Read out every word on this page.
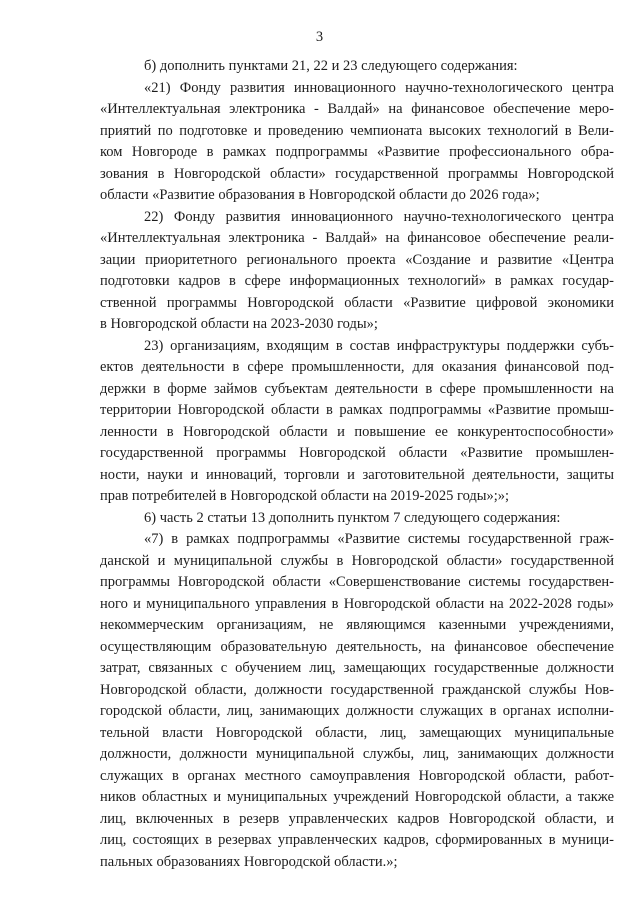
3
б) дополнить пунктами 21, 22 и 23 следующего содержания:
«21) Фонду развития инновационного научно-технологического центра
«Интеллектуальная электроника - Валдай» на финансовое обеспечение меро-
приятий по подготовке и проведению чемпионата высоких технологий в Вели-
ком Новгороде в рамках подпрограммы «Развитие профессионального обра-
зования в Новгородской области» государственной программы Новгородской
области «Развитие образования в Новгородской области до 2026 года»;
22) Фонду развития инновационного научно-технологического центра
«Интеллектуальная электроника - Валдай» на финансовое обеспечение реали-
зации приоритетного регионального проекта «Создание и развитие «Центра
подготовки кадров в сфере информационных технологий» в рамках государ-
ственной программы Новгородской области «Развитие цифровой экономики
в Новгородской области на 2023-2030 годы»;
23) организациям, входящим в состав инфраструктуры поддержки субъ-
ектов деятельности в сфере промышленности, для оказания финансовой под-
держки в форме займов субъектам деятельности в сфере промышленности на
территории Новгородской области в рамках подпрограммы «Развитие промыш-
ленности в Новгородской области и повышение ее конкурентоспособности»
государственной программы Новгородской области «Развитие промышлен-
ности, науки и инноваций, торговли и заготовительной деятельности, защиты
прав потребителей в Новгородской области на 2019-2025 годы»;»;
6) часть 2 статьи 13 дополнить пунктом 7 следующего содержания:
«7) в рамках подпрограммы «Развитие системы государственной граж-
данской и муниципальной службы в Новгородской области» государственной
программы Новгородской области «Совершенствование системы государствен-
ного и муниципального управления в Новгородской области на 2022-2028 годы»
некоммерческим организациям, не являющимся казенными учреждениями,
осуществляющим образовательную деятельность, на финансовое обеспечение
затрат, связанных с обучением лиц, замещающих государственные должности
Новгородской области, должности государственной гражданской службы Нов-
городской области, лиц, занимающих должности служащих в органах исполни-
тельной власти Новгородской области, лиц, замещающих муниципальные
должности, должности муниципальной службы, лиц, занимающих должности
служащих в органах местного самоуправления Новгородской области, работ-
ников областных и муниципальных учреждений Новгородской области, а также
лиц, включенных в резерв управленческих кадров Новгородской области, и
лиц, состоящих в резервах управленческих кадров, сформированных в муници-
пальных образованиях Новгородской области.»;
